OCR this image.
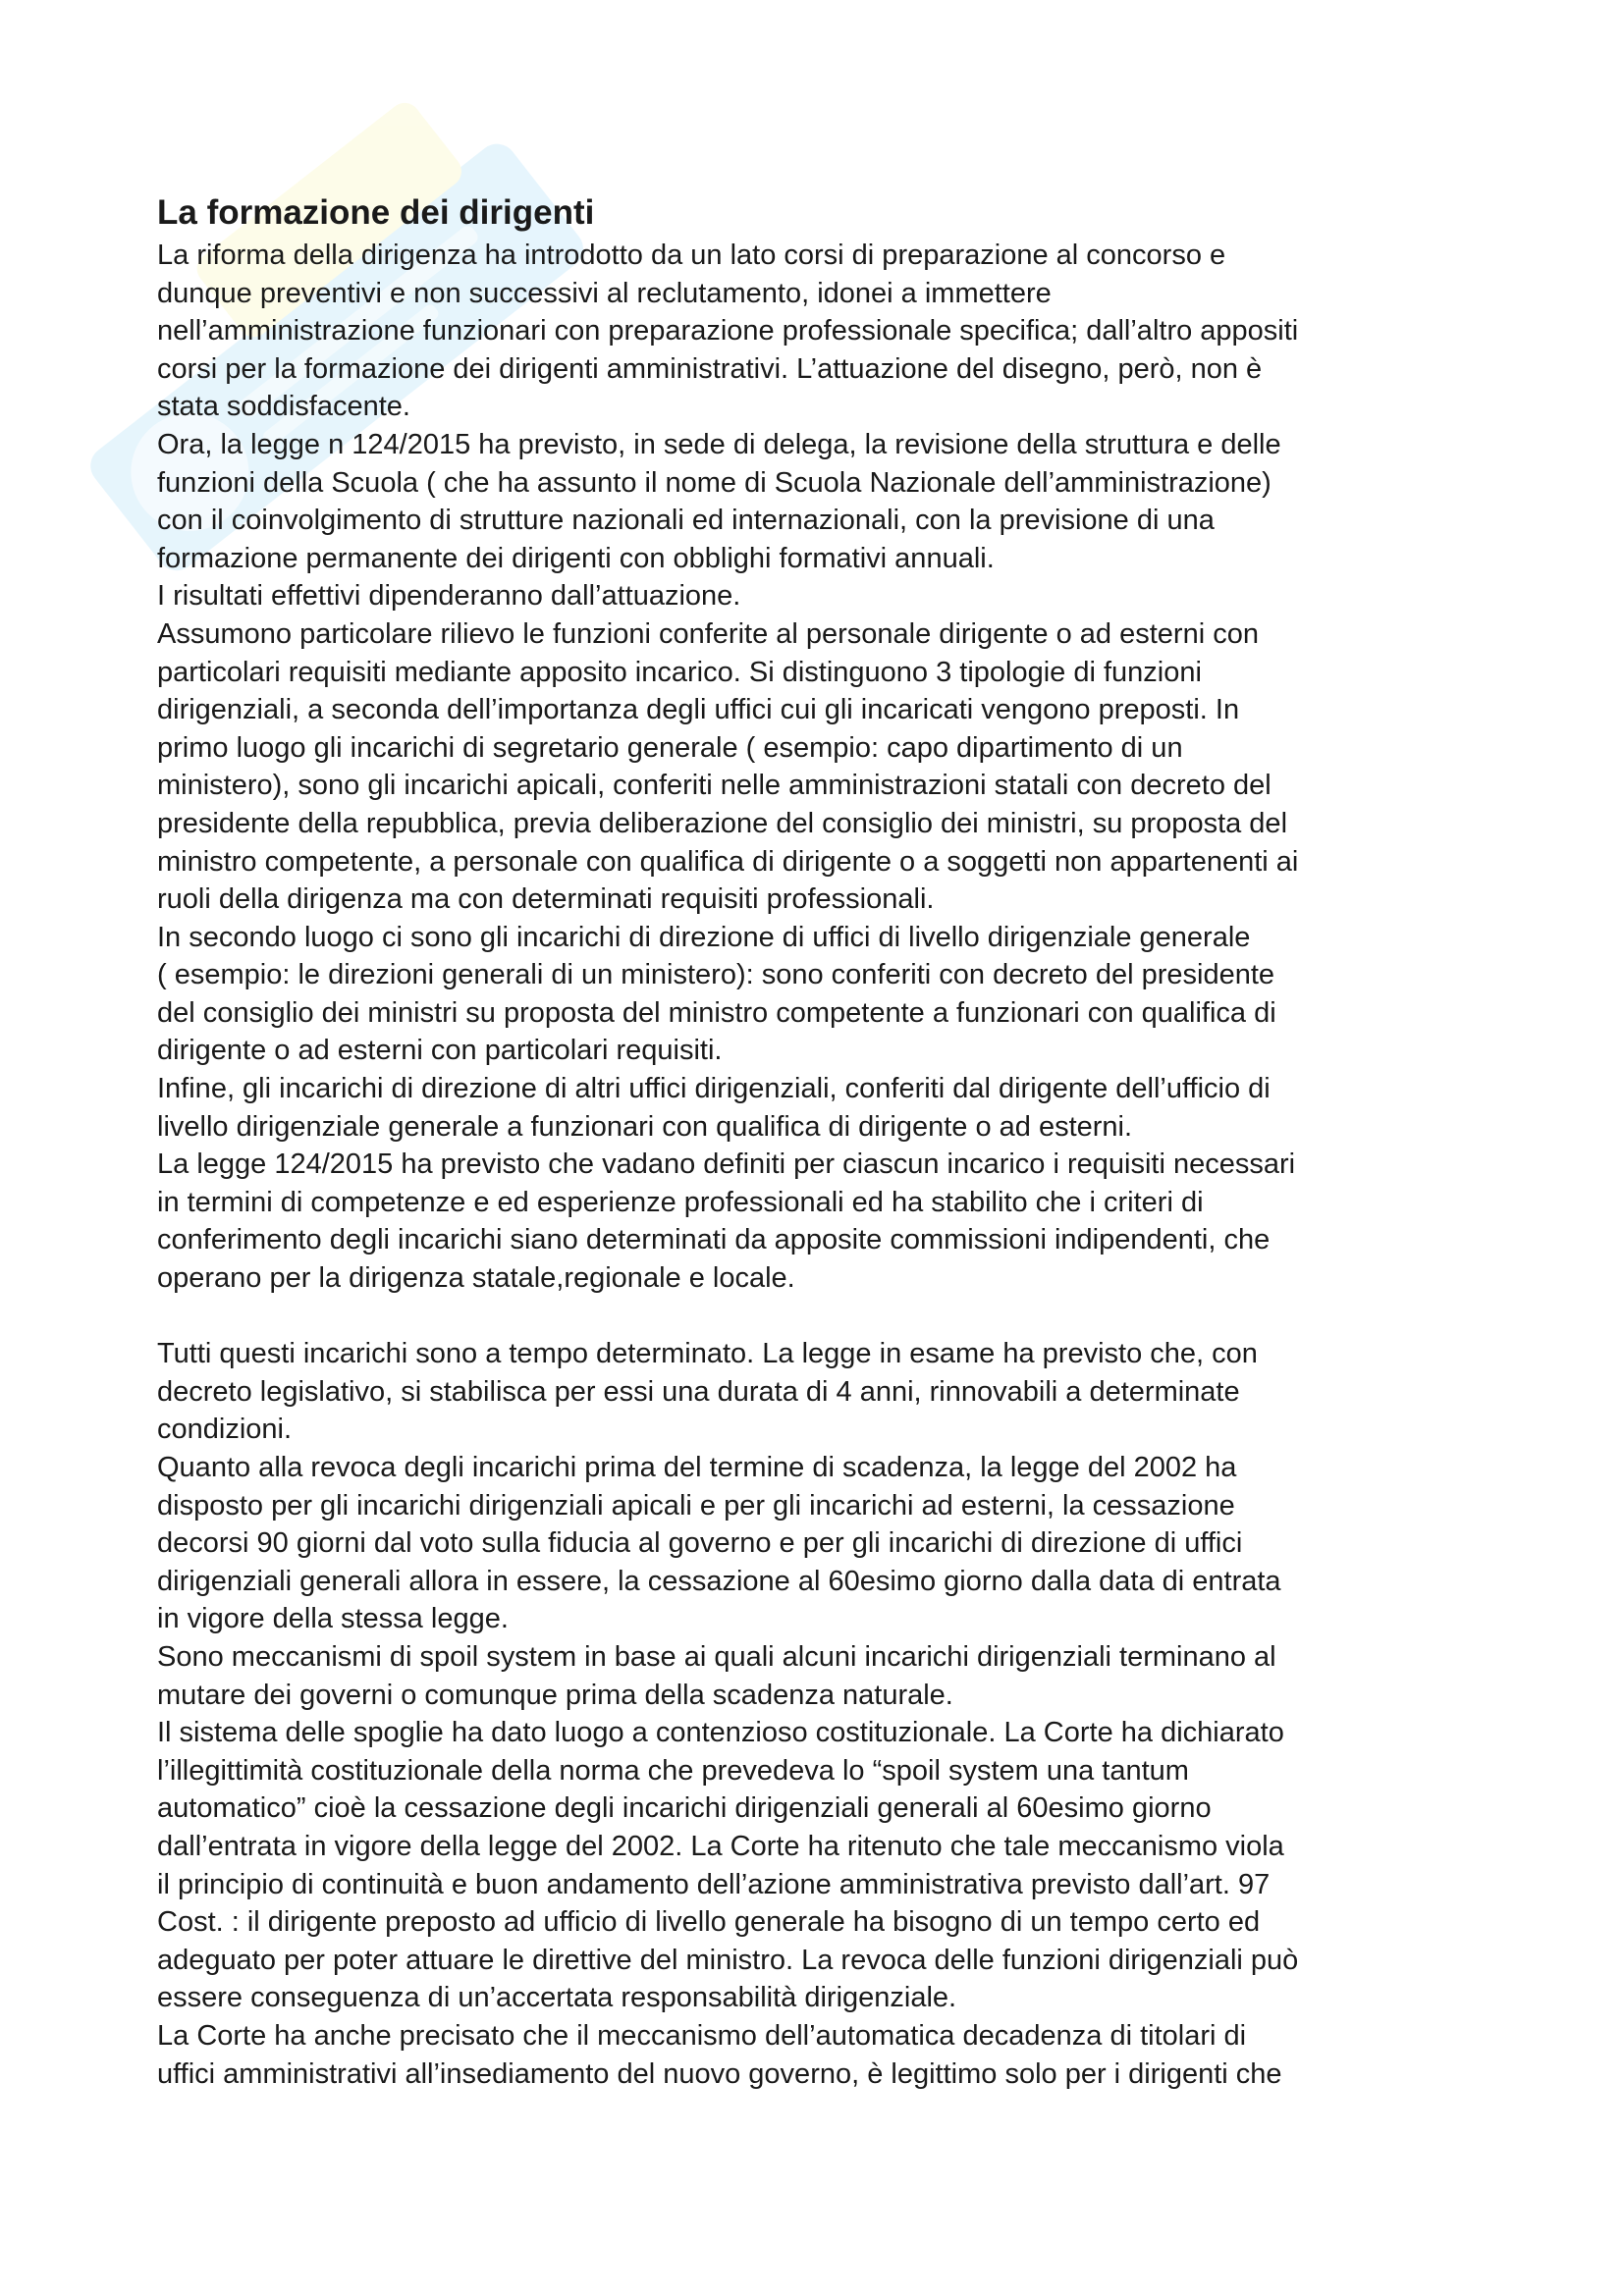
La formazione dei dirigenti
La riforma della dirigenza ha introdotto da un lato corsi di preparazione al concorso e
dunque preventivi e non successivi al reclutamento, idonei a immettere
nell’amministrazione funzionari con preparazione professionale specifica; dall’altro appositi
corsi per la formazione dei dirigenti amministrativi. L’attuazione del disegno, però, non è
stata soddisfacente.
Ora, la legge n 124/2015 ha previsto, in sede di delega, la revisione della struttura e delle
funzioni della Scuola ( che ha assunto il nome di Scuola Nazionale dell’amministrazione)
con il coinvolgimento di strutture nazionali ed internazionali, con la previsione di una
formazione permanente dei dirigenti con obblighi formativi annuali.
I risultati effettivi dipenderanno dall’attuazione.
Assumono particolare rilievo le funzioni conferite al personale dirigente o ad esterni con
particolari requisiti mediante apposito incarico. Si distinguono 3 tipologie di funzioni
dirigenziali, a seconda dell’importanza degli uffici cui gli incaricati vengono preposti. In
primo luogo gli incarichi di segretario generale ( esempio: capo dipartimento di un
ministero), sono gli incarichi apicali, conferiti nelle amministrazioni statali con decreto del
presidente della repubblica, previa deliberazione del consiglio dei ministri, su proposta del
ministro competente, a personale con qualifica di dirigente o a soggetti non appartenenti ai
ruoli della dirigenza ma con determinati requisiti professionali.
In secondo luogo ci sono gli incarichi di direzione di uffici di livello dirigenziale generale
( esempio: le direzioni generali di un ministero): sono conferiti con decreto del presidente
del consiglio dei ministri su proposta del ministro competente a funzionari con qualifica di
dirigente o ad esterni con particolari requisiti.
Infine, gli incarichi di direzione di altri uffici dirigenziali, conferiti dal dirigente dell’ufficio di
livello dirigenziale generale a funzionari con qualifica di dirigente o ad esterni.
La legge 124/2015 ha previsto che vadano definiti per ciascun incarico i requisiti necessari
in termini di competenze e ed esperienze professionali ed ha stabilito che i criteri di
conferimento degli incarichi siano determinati da apposite commissioni indipendenti, che
operano per la dirigenza statale,regionale e locale.
Tutti questi incarichi sono a tempo determinato. La legge in esame ha previsto che, con
decreto legislativo, si stabilisca per essi una durata di 4 anni, rinnovabili a determinate
condizioni.
Quanto alla revoca degli incarichi prima del termine di scadenza, la legge del 2002 ha
disposto per gli incarichi dirigenziali apicali e per gli incarichi ad esterni, la cessazione
decorsi 90 giorni dal voto sulla fiducia al governo e per gli incarichi di direzione di uffici
dirigenziali generali allora in essere, la cessazione al 60esimo giorno dalla data di entrata
in vigore della stessa legge.
Sono meccanismi di spoil system in base ai quali alcuni incarichi dirigenziali terminano al
mutare dei governi o comunque prima della scadenza naturale.
Il sistema delle spoglie ha dato luogo a contenzioso costituzionale. La Corte ha dichiarato
l’illegittimità costituzionale della norma che prevedeva lo “spoil system una tantum
automatico” cioè la cessazione degli incarichi dirigenziali generali al 60esimo giorno
dall’entrata in vigore della legge del 2002. La Corte ha ritenuto che tale meccanismo viola
il principio di continuità e buon andamento dell’azione amministrativa previsto dall’art. 97
Cost. : il dirigente preposto ad ufficio di livello generale ha bisogno di un tempo certo ed
adeguato per poter attuare le direttive del ministro. La revoca delle funzioni dirigenziali può
essere conseguenza di un’accertata responsabilità dirigenziale.
La Corte ha anche precisato che il meccanismo dell’automatica decadenza di titolari di
uffici amministrativi all’insediamento del nuovo governo, è legittimo solo per i dirigenti che
